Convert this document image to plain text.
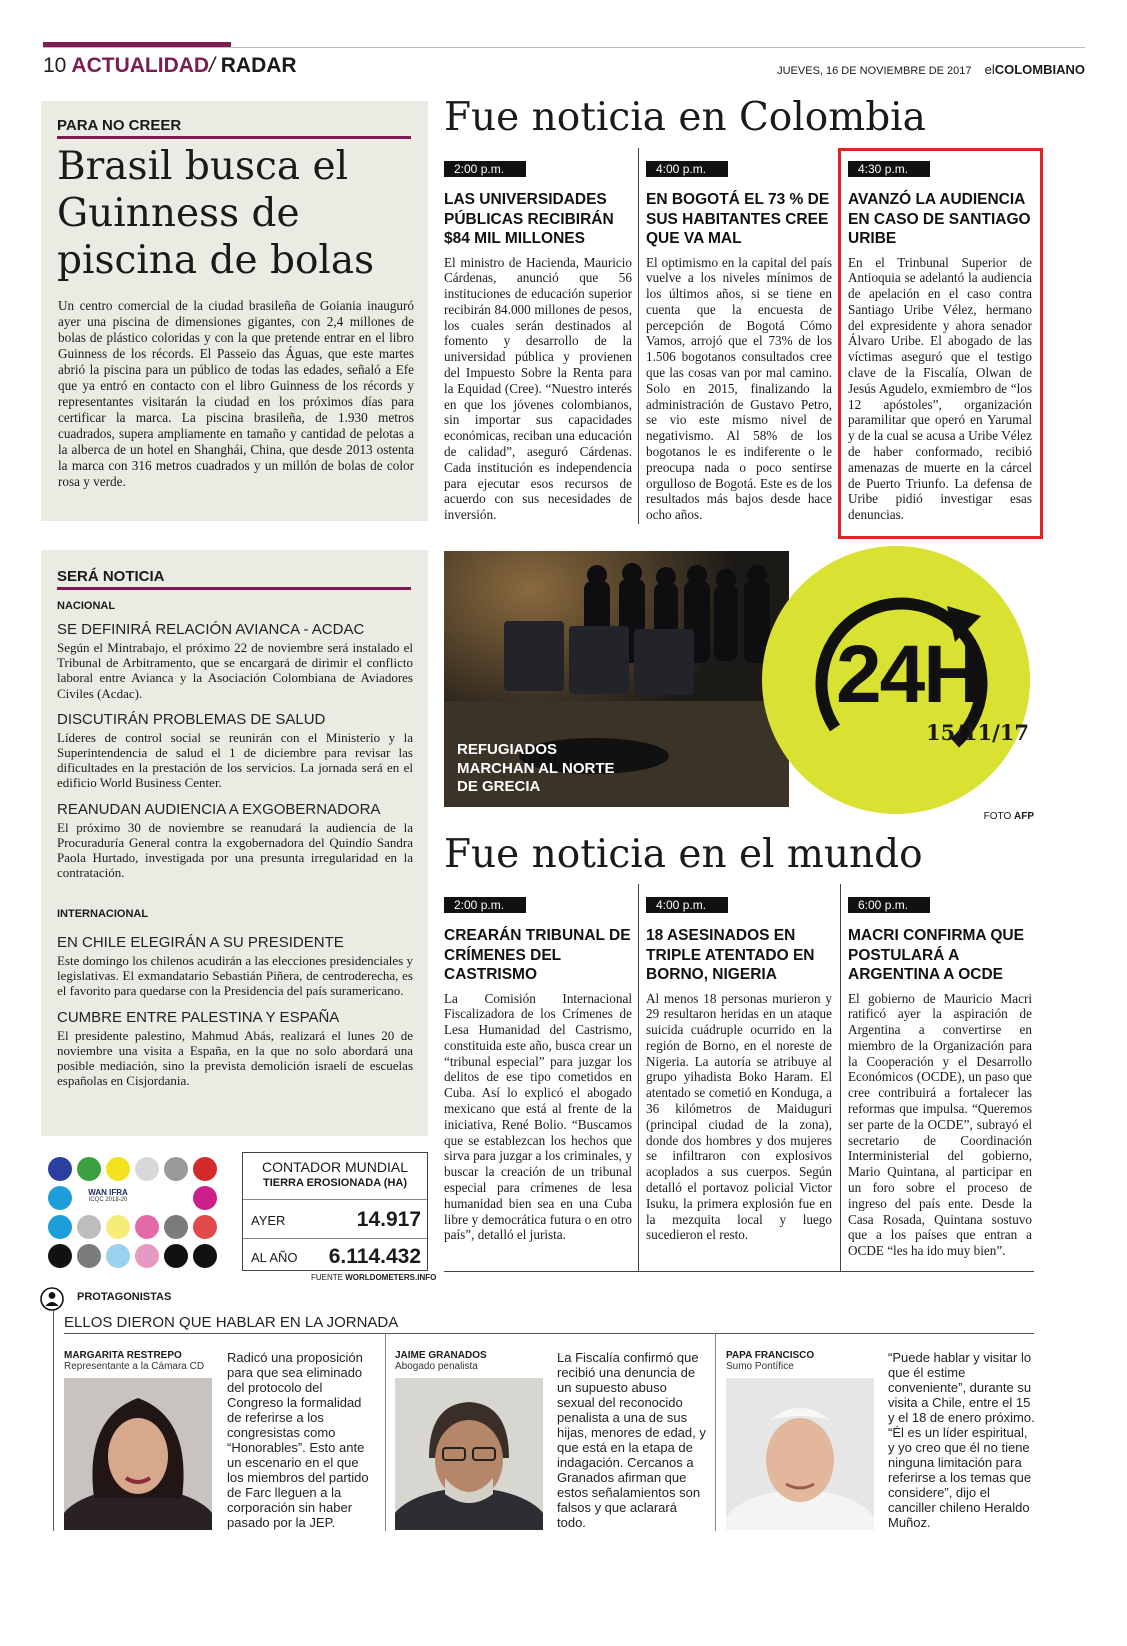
10 ACTUALIDAD/ RADAR	JUEVES, 16 DE NOVIEMBRE DE 2017 elCOLOMBIANO
PARA NO CREER
Brasil busca el Guinness de piscina de bolas
Un centro comercial de la ciudad brasileña de Goiania inauguró ayer una piscina de dimensiones gigantes, con 2,4 millones de bolas de plástico coloridas y con la que pretende entrar en el libro Guinness de los récords. El Passeio das Águas, que este martes abrió la piscina para un público de todas las edades, señaló a Efe que ya entró en contacto con el libro Guinness de los récords y representantes visitarán la ciudad en los próximos días para certificar la marca. La piscina brasileña, de 1.930 metros cuadrados, supera ampliamente en tamaño y cantidad de pelotas a la alberca de un hotel en Shanghái, China, que desde 2013 ostenta la marca con 316 metros cuadrados y un millón de bolas de color rosa y verde.
Fue noticia en Colombia
2:00 p.m.
LAS UNIVERSIDADES PÚBLICAS RECIBIRÁN $84 MIL MILLONES
El ministro de Hacienda, Mauricio Cárdenas, anunció que 56 instituciones de educación superior recibirán 84.000 millones de pesos, los cuales serán destinados al fomento y desarrollo de la universidad pública y provienen del Impuesto Sobre la Renta para la Equidad (Cree). “Nuestro interés en que los jóvenes colombianos, sin importar sus capacidades económicas, reciban una educación de calidad”, aseguró Cárdenas. Cada institución es independencia para ejecutar esos recursos de acuerdo con sus necesidades de inversión.
4:00 p.m.
EN BOGOTÁ EL 73 % DE SUS HABITANTES CREE QUE VA MAL
El optimismo en la capital del país vuelve a los niveles mínimos de los últimos años, si se tiene en cuenta que la encuesta de percepción de Bogotá Cómo Vamos, arrojó que el 73% de los 1.506 bogotanos consultados cree que las cosas van por mal camino. Solo en 2015, finalizando la administración de Gustavo Petro, se vio este mismo nivel de negativismo. Al 58% de los bogotanos le es indiferente o le preocupa nada o poco sentirse orgulloso de Bogotá. Este es de los resultados más bajos desde hace ocho años.
4:30 p.m.
AVANZÓ LA AUDIENCIA EN CASO DE SANTIAGO URIBE
En el Trinbunal Superior de Antioquia se adelantó la audiencia de apelación en el caso contra Santiago Uribe Vélez, hermano del expresidente y ahora senador Álvaro Uribe. El abogado de las víctimas aseguró que el testigo clave de la Fiscalía, Olwan de Jesús Agudelo, exmiembro de “los 12 apóstoles”, organización paramilitar que operó en Yarumal y de la cual se acusa a Uribe Vélez de haber conformado, recibió amenazas de muerte en la cárcel de Puerto Triunfo. La defensa de Uribe pidió investigar esas denuncias.
SERÁ NOTICIA
NACIONAL
SE DEFINIRÁ RELACIÓN AVIANCA - ACDAC
Según el Mintrabajo, el próximo 22 de noviembre será instalado el Tribunal de Arbitramento, que se encargará de dirimir el conflicto laboral entre Avianca y la Asociación Colombiana de Aviadores Civiles (Acdac).
DISCUTIRÁN PROBLEMAS DE SALUD
Líderes de control social se reunirán con el Ministerio y la Superintendencia de salud el 1 de diciembre para revisar las dificultades en la prestación de los servicios. La jornada será en el edificio World Business Center.
REANUDAN AUDIENCIA A EXGOBERNADORA
El próximo 30 de noviembre se reanudará la audiencia de la Procuraduría General contra la exgobernadora del Quindío Sandra Paola Hurtado, investigada por una presunta irregularidad en la contratación.
INTERNACIONAL
EN CHILE ELEGIRÁN A SU PRESIDENTE
Este domingo los chilenos acudirán a las elecciones presidenciales y legislativas. El exmandatario Sebastián Piñera, de centroderecha, es el favorito para quedarse con la Presidencia del país suramericano.
CUMBRE ENTRE PALESTINA Y ESPAÑA
El presidente palestino, Mahmud Abás, realizará el lunes 20 de noviembre una visita a España, en la que no solo abordará una posible mediación, sino la prevista demolición israelí de escuelas españolas en Cisjordania.
REFUGIADOS MARCHAN AL NORTE DE GRECIA
24H
15/11/17
FOTO AFP
Fue noticia en el mundo
2:00 p.m.
CREARÁN TRIBUNAL DE CRÍMENES DEL CASTRISMO
La Comisión Internacional Fiscalizadora de los Crímenes de Lesa Humanidad del Castrismo, constituida este año, busca crear un “tribunal especial” para juzgar los delitos de ese tipo cometidos en Cuba. Así lo explicó el abogado mexicano que está al frente de la iniciativa, René Bolio. “Buscamos que se establezcan los hechos que sirva para juzgar a los criminales, y buscar la creación de un tribunal especial para crímenes de lesa humanidad bien sea en una Cuba libre y democrática futura o en otro país”, detalló el jurista.
4:00 p.m.
18 ASESINADOS EN TRIPLE ATENTADO EN BORNO, NIGERIA
Al menos 18 personas murieron y 29 resultaron heridas en un ataque suicida cuádruple ocurrido en la región de Borno, en el noreste de Nigeria. La autoría se atribuye al grupo yihadista Boko Haram. El atentado se cometió en Konduga, a 36 kilómetros de Maiduguri (principal ciudad de la zona), donde dos hombres y dos mujeres se infiltraron con explosivos acoplados a sus cuerpos. Según detalló el portavoz policial Victor Isuku, la primera explosión fue en la mezquita local y luego sucedieron el resto.
6:00 p.m.
MACRI CONFIRMA QUE POSTULARÁ A ARGENTINA A OCDE
El gobierno de Mauricio Macri ratificó ayer la aspiración de Argentina a convertirse en miembro de la Organización para la Cooperación y el Desarrollo Económicos (OCDE), un paso que cree contribuirá a fortalecer las reformas que impulsa. “Queremos ser parte de la OCDE”, subrayó el secretario de Coordinación Interministerial del gobierno, Mario Quintana, al participar en un foro sobre el proceso de ingreso del país ente. Desde la Casa Rosada, Quintana sostuvo que a los países que entran a OCDE “les ha ido muy bien”.
WAN IFRA
ICQC 2018-20
CONTADOR MUNDIAL
TIERRA EROSIONADA (HA)
AYER	14.917
AL AÑO 6.114.432
FUENTE WORLDOMETERS.INFO
PROTAGONISTAS
ELLOS DIERON QUE HABLAR EN LA JORNADA
MARGARITA RESTREPO
Representante a la Cámara CD
Radicó una proposición para que sea eliminado del protocolo del Congreso la formalidad de referirse a los congresistas como “Honorables”. Esto ante un escenario en el que los miembros del partido de Farc lleguen a la corporación sin haber pasado por la JEP.
JAIME GRANADOS
Abogado penalista
La Fiscalía confirmó que recibió una denuncia de un supuesto abuso sexual del reconocido penalista a una de sus hijas, menores de edad, y que está en la etapa de indagación. Cercanos a Granados afirman que estos señalamientos son falsos y que aclarará todo.
PAPA FRANCISCO
Sumo Pontífice
“Puede hablar y visitar lo que él estime conveniente”, durante su visita a Chile, entre el 15 y el 18 de enero próximo. “Él es un líder espiritual, y yo creo que él no tiene ninguna limitación para referirse a los temas que considere”, dijo el canciller chileno Heraldo Muñoz.
